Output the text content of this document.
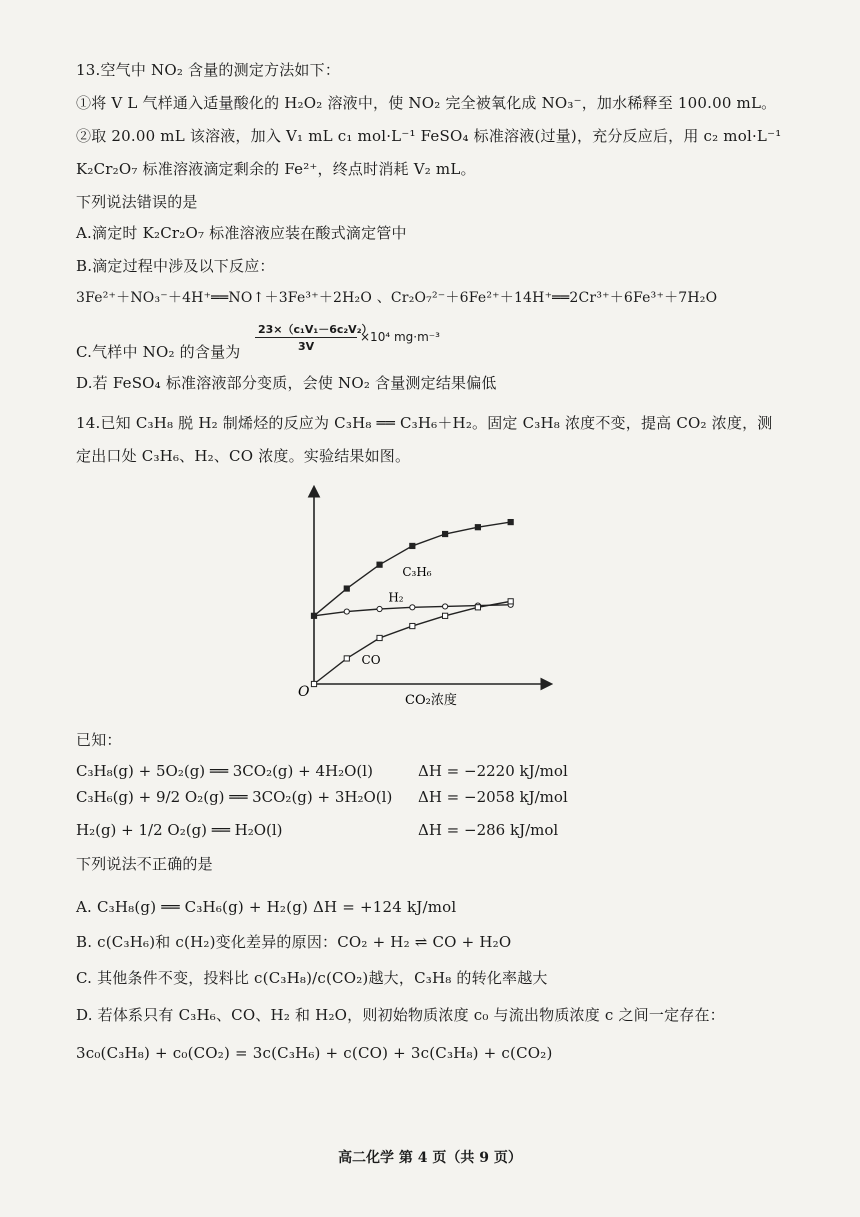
13.空气中 NO₂ 含量的测定方法如下：
①将 V L 气样通入适量酸化的 H₂O₂ 溶液中，使 NO₂ 完全被氧化成 NO₃⁻，加水稀释至 100.00 mL。
②取 20.00 mL 该溶液，加入 V₁ mL c₁ mol·L⁻¹ FeSO₄ 标准溶液(过量)，充分反应后，用 c₂ mol·L⁻¹
K₂Cr₂O₇ 标准溶液滴定剩余的 Fe²⁺，终点时消耗 V₂ mL。
下列说法错误的是
A.滴定时 K₂Cr₂O₇ 标准溶液应装在酸式滴定管中
B.滴定过程中涉及以下反应：
3Fe²⁺＋NO₃⁻＋4H⁺══NO↑＋3Fe³⁺＋2H₂O 、Cr₂O₇²⁻＋6Fe²⁺＋14H⁺══2Cr³⁺＋6Fe³⁺＋7H₂O
C.气样中 NO₂ 的含量为
23×（c₁V₁－6c₂V₂）
3V
×10⁴ mg·m⁻³
D.若 FeSO₄ 标准溶液部分变质，会使 NO₂ 含量测定结果偏低
14.已知 C₃H₈ 脱 H₂ 制烯烃的反应为 C₃H₈ ══ C₃H₆＋H₂。固定 C₃H₈ 浓度不变，提高 CO₂ 浓度，测
定出口处 C₃H₆、H₂、CO 浓度。实验结果如图。
O
CO₂浓度
C₃H₆
H₂
CO
已知：
C₃H₈(g) + 5O₂(g) ══ 3CO₂(g) + 4H₂O(l)	ΔH = −2220 kJ/mol
C₃H₆(g) + 9/2 O₂(g) ══ 3CO₂(g) + 3H₂O(l) ΔH = −2058 kJ/mol
H₂(g) + 1/2 O₂(g) ══ H₂O(l)	ΔH = −286 kJ/mol
下列说法不正确的是
A. C₃H₈(g) ══ C₃H₆(g) + H₂(g) ΔH = +124 kJ/mol
B. c(C₃H₆)和 c(H₂)变化差异的原因：CO₂ + H₂ ⇌ CO + H₂O
C. 其他条件不变，投料比 c(C₃H₈)/c(CO₂)越大，C₃H₈ 的转化率越大
D. 若体系只有 C₃H₆、CO、H₂ 和 H₂O，则初始物质浓度 c₀ 与流出物质浓度 c 之间一定存在：
3c₀(C₃H₈) + c₀(CO₂) = 3c(C₃H₆) + c(CO) + 3c(C₃H₈) + c(CO₂)
高二化学 第 4 页（共 9 页）
